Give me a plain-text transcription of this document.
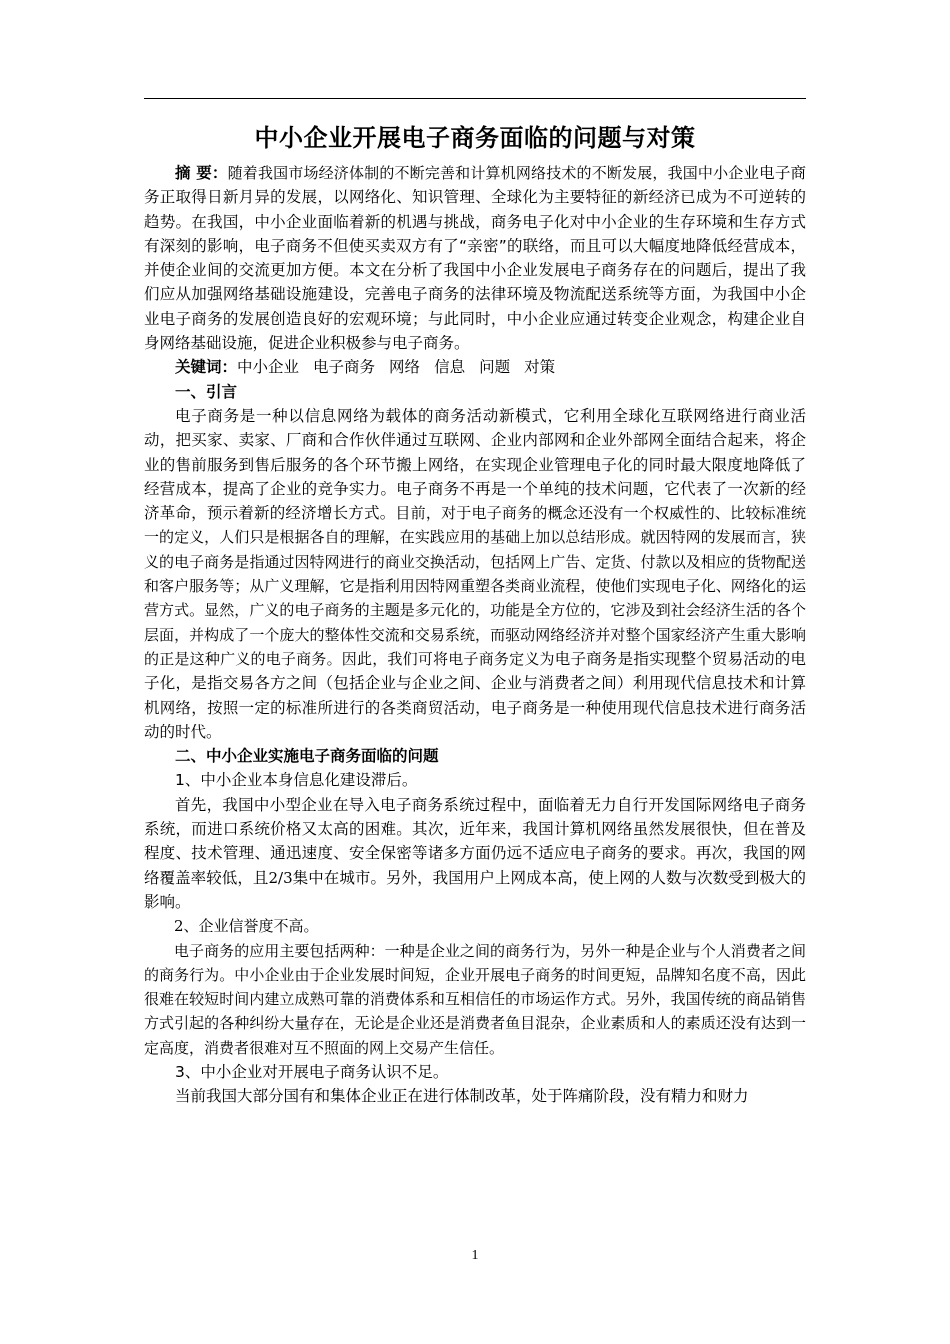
中小企业开展电子商务面临的问题与对策

摘 要：随着我国市场经济体制的不断完善和计算机网络技术的不断发展，我国中小企业电子商务正取得日新月异的发展，以网络化、知识管理、全球化为主要特征的新经济已成为不可逆转的趋势。在我国，中小企业面临着新的机遇与挑战，商务电子化对中小企业的生存环境和生存方式有深刻的影响，电子商务不但使买卖双方有了“亲密”的联络，而且可以大幅度地降低经营成本，并使企业间的交流更加方便。本文在分析了我国中小企业发展电子商务存在的问题后，提出了我们应从加强网络基础设施建设，完善电子商务的法律环境及物流配送系统等方面，为我国中小企业电子商务的发展创造良好的宏观环境；与此同时，中小企业应通过转变企业观念，构建企业自身网络基础设施，促进企业积极参与电子商务。

关键词：中小企业 电子商务 网络 信息 问题 对策

一、引言

电子商务是一种以信息网络为载体的商务活动新模式，它利用全球化互联网络进行商业活动，把买家、卖家、厂商和合作伙伴通过互联网、企业内部网和企业外部网全面结合起来，将企业的售前服务到售后服务的各个环节搬上网络，在实现企业管理电子化的同时最大限度地降低了经营成本，提高了企业的竞争实力。电子商务不再是一个单纯的技术问题，它代表了一次新的经济革命，预示着新的经济增长方式。目前，对于电子商务的概念还没有一个权威性的、比较标准统一的定义，人们只是根据各自的理解，在实践应用的基础上加以总结形成。就因特网的发展而言，狭义的电子商务是指通过因特网进行的商业交换活动，包括网上广告、定货、付款以及相应的货物配送和客户服务等；从广义理解，它是指利用因特网重塑各类商业流程，使他们实现电子化、网络化的运营方式。显然，广义的电子商务的主题是多元化的，功能是全方位的，它涉及到社会经济生活的各个层面，并构成了一个庞大的整体性交流和交易系统，而驱动网络经济并对整个国家经济产生重大影响的正是这种广义的电子商务。因此，我们可将电子商务定义为电子商务是指实现整个贸易活动的电子化，是指交易各方之间（包括企业与企业之间、企业与消费者之间）利用现代信息技术和计算机网络，按照一定的标准所进行的各类商贸活动，电子商务是一种使用现代信息技术进行商务活动的时代。

二、中小企业实施电子商务面临的问题

1、中小企业本身信息化建设滞后。

首先，我国中小型企业在导入电子商务系统过程中，面临着无力自行开发国际网络电子商务系统，而进口系统价格又太高的困难。其次，近年来，我国计算机网络虽然发展很快，但在普及程度、技术管理、通迅速度、安全保密等诸多方面仍远不适应电子商务的要求。再次，我国的网络覆盖率较低，且2/3集中在城市。另外，我国用户上网成本高，使上网的人数与次数受到极大的影响。

2、企业信誉度不高。

电子商务的应用主要包括两种：一种是企业之间的商务行为，另外一种是企业与个人消费者之间的商务行为。中小企业由于企业发展时间短，企业开展电子商务的时间更短，品牌知名度不高，因此很难在较短时间内建立成熟可靠的消费体系和互相信任的市场运作方式。另外，我国传统的商品销售方式引起的各种纠纷大量存在，无论是企业还是消费者鱼目混杂，企业素质和人的素质还没有达到一定高度，消费者很难对互不照面的网上交易产生信任。

3、中小企业对开展电子商务认识不足。

当前我国大部分国有和集体企业正在进行体制改革，处于阵痛阶段，没有精力和财力

1
